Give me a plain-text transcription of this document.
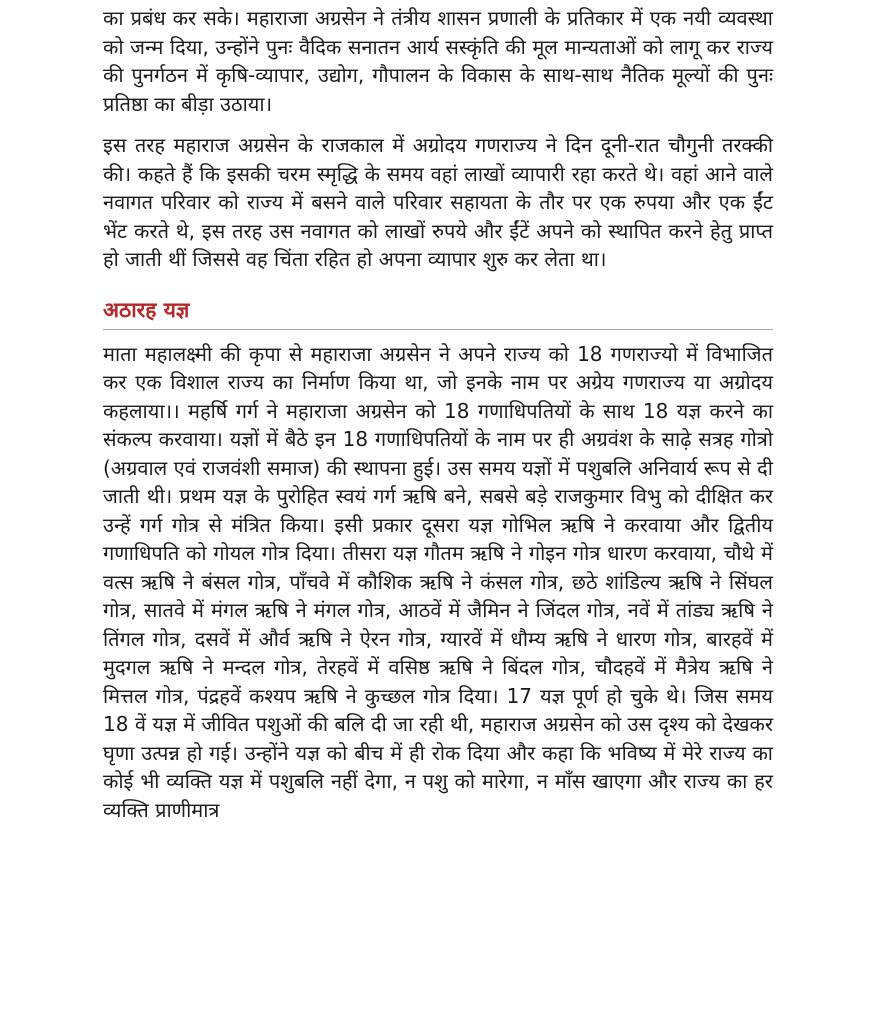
का प्रबंध कर सके। महाराजा अग्रसेन ने तंत्रीय शासन प्रणाली के प्रतिकार में एक नयी व्यवस्था को जन्म दिया, उन्होंने पुनः वैदिक सनातन आर्य सस्कृंति की मूल मान्यताओं को लागू कर राज्य की पुनर्गठन में कृषि-व्यापार, उद्योग, गौपालन के विकास के साथ-साथ नैतिक मूल्यों की पुनः प्रतिष्ठा का बीड़ा उठाया।

इस तरह महाराज अग्रसेन के राजकाल में अग्रोदय गणराज्य ने दिन दूनी-रात चौगुनी तरक्की की। कहते हैं कि इसकी चरम स्मृद्धि के समय वहां लाखों व्यापारी रहा करते थे। वहां आने वाले नवागत परिवार को राज्य में बसने वाले परिवार सहायता के तौर पर एक रुपया और एक ईंट भेंट करते थे, इस तरह उस नवागत को लाखों रुपये और ईंटें अपने को स्थापित करने हेतु प्राप्त हो जाती थीं जिससे वह चिंता रहित हो अपना व्यापार शुरु कर लेता था।

अठारह यज्ञ

माता महालक्ष्मी की कृपा से महाराजा अग्रसेन ने अपने राज्य को 18 गणराज्यो में विभाजित कर एक विशाल राज्य का निर्माण किया था, जो इनके नाम पर अग्रेय गणराज्य या अग्रोदय कहलाया।। महर्षि गर्ग ने महाराजा अग्रसेन को 18 गणाधिपतियों के साथ 18 यज्ञ करने का संकल्प करवाया। यज्ञों में बैठे इन 18 गणाधिपतियों के नाम पर ही अग्रवंश के साढ़े सत्रह गोत्रो (अग्रवाल एवं राजवंशी समाज) की स्थापना हुई। उस समय यज्ञों में पशुबलि अनिवार्य रूप से दी जाती थी। प्रथम यज्ञ के पुरोहित स्वयं गर्ग ऋषि बने, सबसे बड़े राजकुमार विभु को दीक्षित कर उन्हें गर्ग गोत्र से मंत्रित किया। इसी प्रकार दूसरा यज्ञ गोभिल ऋषि ने करवाया और द्वितीय गणाधिपति को गोयल गोत्र दिया। तीसरा यज्ञ गौतम ऋषि ने गोइन गोत्र धारण करवाया, चौथे में वत्स ऋषि ने बंसल गोत्र, पाँचवे में कौशिक ऋषि ने कंसल गोत्र, छठे शांडिल्य ऋषि ने सिंघल गोत्र, सातवे में मंगल ऋषि ने मंगल गोत्र, आठवें में जैमिन ने जिंदल गोत्र, नवें में तांड्य ऋषि ने तिंगल गोत्र, दसवें में और्व ऋषि ने ऐरन गोत्र, ग्यारवें में धौम्य ऋषि ने धारण गोत्र, बारहवें में मुदगल ऋषि ने मन्दल गोत्र, तेरहवें में वसिष्ठ ऋषि ने बिंदल गोत्र, चौदहवें में मैत्रेय ऋषि ने मित्तल गोत्र, पंद्रहवें कश्यप ऋषि ने कुच्छल गोत्र दिया। 17 यज्ञ पूर्ण हो चुके थे। जिस समय 18 वें यज्ञ में जीवित पशुओं की बलि दी जा रही थी, महाराज अग्रसेन को उस दृश्य को देखकर घृणा उत्पन्न हो गई। उन्होंने यज्ञ को बीच में ही रोक दिया और कहा कि भविष्य में मेरे राज्य का कोई भी व्यक्ति यज्ञ में पशुबलि नहीं देगा, न पशु को मारेगा, न माँस खाएगा और राज्य का हर व्यक्ति प्राणीमात्र
